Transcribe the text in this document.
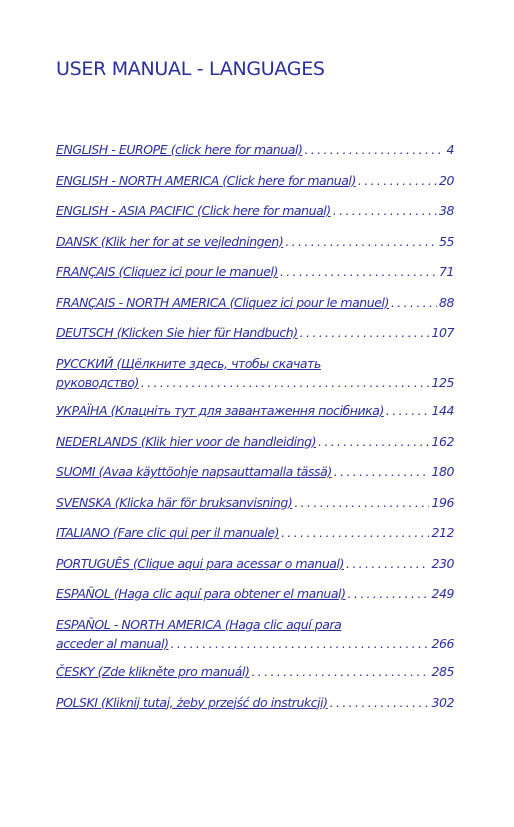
USER MANUAL - LANGUAGES
ENGLISH - EUROPE (click here for manual) . . .	4
ENGLISH - NORTH AMERICA (Click here for manual) . . .	20
ENGLISH - ASIA PACIFIC (Click here for manual) . . .	38
DANSK (Klik her for at se vejledningen) . . .	55
FRANÇAIS (Cliquez ici pour le manuel) . . .	71
FRANÇAIS - NORTH AMERICA (Cliquez ici pour le manuel) . . .	88
DEUTSCH (Klicken Sie hier für Handbuch) . . .	107
РУССКИЙ (Щёлкните здесь, чтобы скачать
руководство) . . .	125
УКРАЇНА (Клацніть тут для завантаження посібника) . . .	144
NEDERLANDS (Klik hier voor de handleiding) . . .	162
SUOMI (Avaa käyttöohje napsauttamalla tässä) . . .	180
SVENSKA (Klicka här för bruksanvisning) . . .	196
ITALIANO (Fare clic qui per il manuale) . . .	212
PORTUGUÊS (Clique aqui para acessar o manual) . . .	230
ESPAÑOL (Haga clic aquí para obtener el manual) . . .	249
ESPAÑOL - NORTH AMERICA (Haga clic aquí para
acceder al manual) . . .	266
ČESKY (Zde klikněte pro manuál) . . .	285
POLSKI (Kliknij tutaj, żeby przejść do instrukcji) . . .	302
